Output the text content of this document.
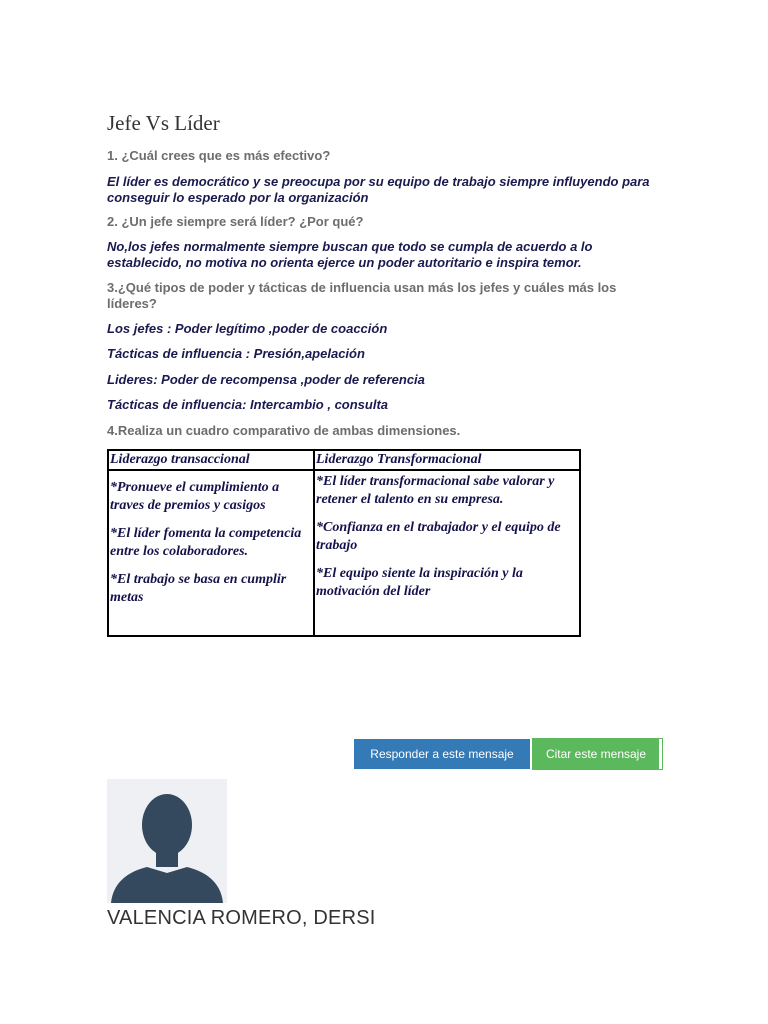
Jefe Vs Líder

1. ¿Cuál crees que es más efectivo?

El líder es democrático y se preocupa por su equipo de trabajo siempre influyendo para conseguir lo esperado por la organización

2. ¿Un jefe siempre será líder? ¿Por qué?

No,los jefes normalmente siempre buscan que todo se cumpla de acuerdo a lo establecido, no motiva no orienta ejerce un poder autoritario e inspira temor.

3.¿Qué tipos de poder y tácticas de influencia usan más los jefes y cuáles más los líderes?

Los jefes : Poder legítimo ,poder de coacción

Tácticas de influencia : Presión,apelación

Lideres: Poder de recompensa ,poder de referencia

Tácticas de influencia: Intercambio , consulta

4.Realiza un cuadro comparativo de ambas dimensiones.

Liderazgo transaccional	Liderazgo Transformacional

*Pronueve el cumplimiento a traves de premios y casigos

*El líder fomenta la competencia entre los colaboradores.

*El trabajo se basa en cumplir metas

*El líder transformacional sabe valorar y retener el talento en su empresa.

*Confianza en el trabajador y el equipo de trabajo

*El equipo siente la inspiración y la motivación del líder

Responder a este mensaje	Citar este mensaje
VALENCIA ROMERO, DERSI
